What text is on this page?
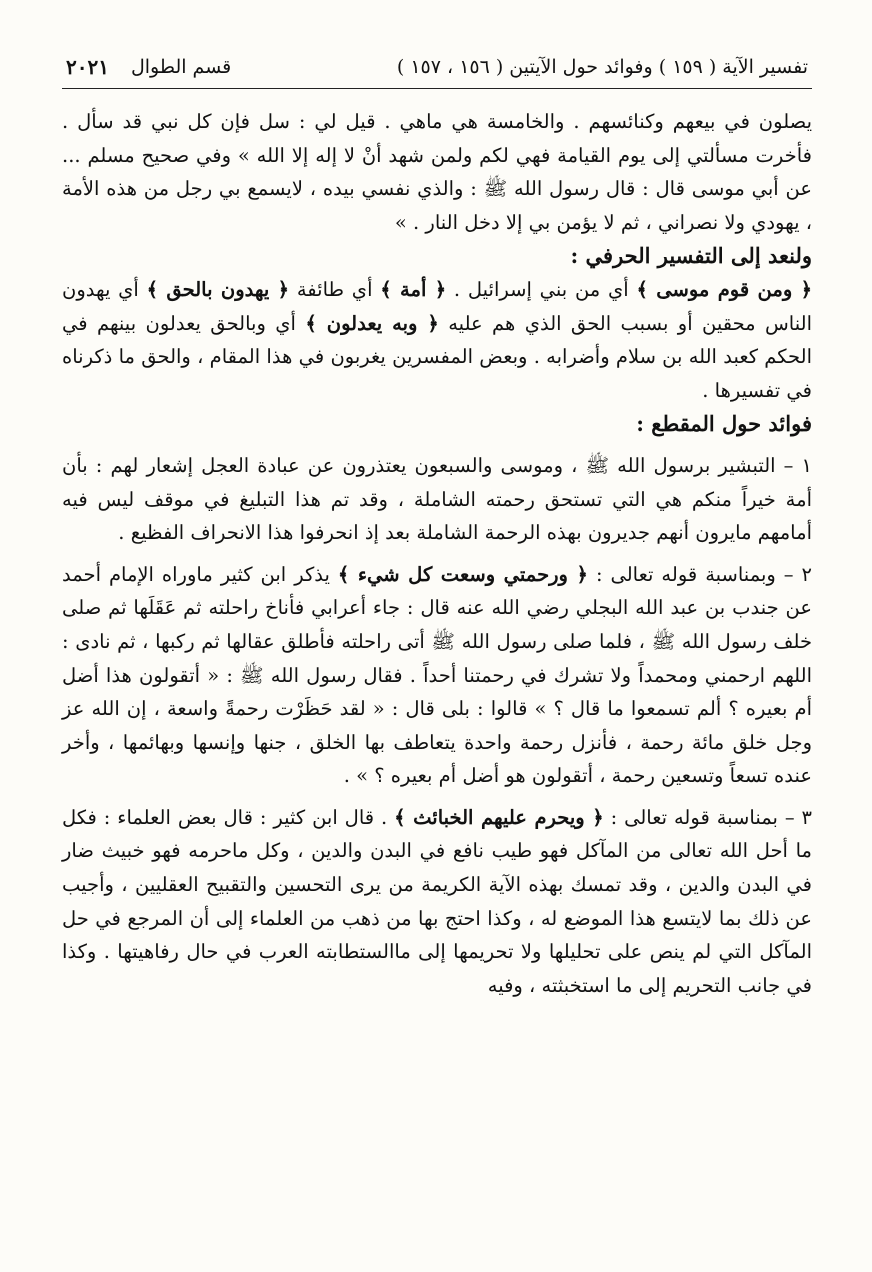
تفسير الآية ( ١٥٩ ) وفوائد حول الآيتين ( ١٥٦ ، ١٥٧ )
قسم الطوال
٢٠٢١

يصلون في بيعهم وكنائسهم . والخامسة هي ماهي . قيل لي : سل فإن كل نبي قد سأل . فأخرت مسألتي إلى يوم القيامة فهي لكم ولمن شهد أنْ لا إله إلا الله » وفي صحيح مسلم ... عن أبي موسى قال : قال رسول الله ﷺ : والذي نفسي بيده ، لايسمع بي رجل من هذه الأمة ، يهودي ولا نصراني ، ثم لا يؤمن بي إلا دخل النار . »

ولنعد إلى التفسير الحرفي :

﴿ ومن قوم موسى ﴾ أي من بني إسرائيل . ﴿ أمة ﴾ أي طائفة ﴿ يهدون بالحق ﴾ أي يهدون الناس محقين أو بسبب الحق الذي هم عليه ﴿ وبه يعدلون ﴾ أي وبالحق يعدلون بينهم في الحكم كعبد الله بن سلام وأضرابه . وبعض المفسرين يغربون في هذا المقام ، والحق ما ذكرناه في تفسيرها .

فوائد حول المقطع :

١ – التبشير برسول الله ﷺ ، وموسى والسبعون يعتذرون عن عبادة العجل إشعار لهم : بأن أمة خيراً منكم هي التي تستحق رحمته الشاملة ، وقد تم هذا التبليغ في موقف ليس فيه أمامهم مايرون أنهم جديرون بهذه الرحمة الشاملة بعد إذ انحرفوا هذا الانحراف الفظيع .

٢ – وبمناسبة قوله تعالى : ﴿ ورحمتي وسعت كل شيء ﴾ يذكر ابن كثير ماوراه الإمام أحمد عن جندب بن عبد الله البجلي رضي الله عنه قال : جاء أعرابي فأناخ راحلته ثم عَقَلَها ثم صلى خلف رسول الله ﷺ ، فلما صلى رسول الله ﷺ أتى راحلته فأطلق عقالها ثم ركبها ، ثم نادى : اللهم ارحمني ومحمداً ولا تشرك في رحمتنا أحداً . فقال رسول الله ﷺ : « أتقولون هذا أضل أم بعيره ؟ ألم تسمعوا ما قال ؟ » قالوا : بلى قال : « لقد حَظَرْت رحمةً واسعة ، إن الله عز وجل خلق مائة رحمة ، فأنزل رحمة واحدة يتعاطف بها الخلق ، جنها وإنسها وبهائمها ، وأخر عنده تسعاً وتسعين رحمة ، أتقولون هو أضل أم بعيره ؟ » .

٣ – بمناسبة قوله تعالى : ﴿ ويحرم عليهم الخبائث ﴾ . قال ابن كثير : قال بعض العلماء : فكل ما أحل الله تعالى من المآكل فهو طيب نافع في البدن والدين ، وكل ماحرمه فهو خبيث ضار في البدن والدين ، وقد تمسك بهذه الآية الكريمة من يرى التحسين والتقبيح العقليين ، وأجيب عن ذلك بما لايتسع هذا الموضع له ، وكذا احتج بها من ذهب من العلماء إلى أن المرجع في حل المآكل التي لم ينص على تحليلها ولا تحريمها إلى ماالستطابته العرب في حال رفاهيتها . وكذا في جانب التحريم إلى ما استخبثته ، وفيه
